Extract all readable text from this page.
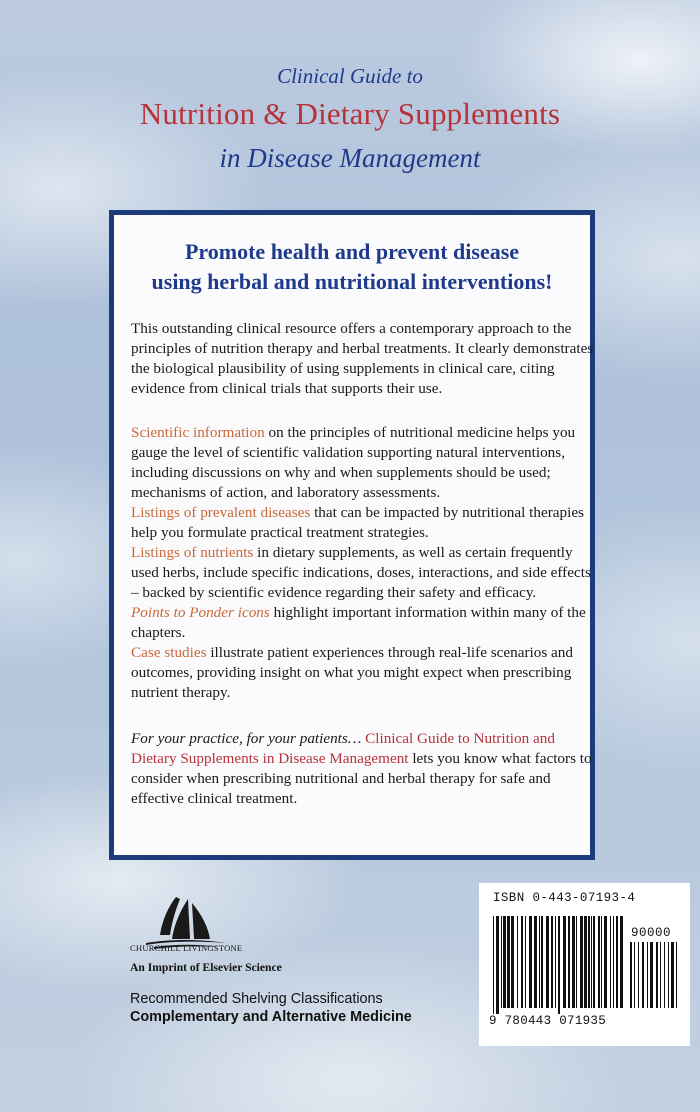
Clinical Guide to
Nutrition & Dietary Supplements
in Disease Management
Promote health and prevent disease
using herbal and nutritional interventions!
This outstanding clinical resource offers a contemporary approach to the principles of nutrition therapy and herbal treatments. It clearly demonstrates the biological plausibility of using supplements in clinical care, citing evidence from clinical trials that supports their use.
Scientific information on the principles of nutritional medicine helps you gauge the level of scientific validation supporting natural interventions, including discussions on why and when supplements should be used; mechanisms of action, and laboratory assessments.
Listings of prevalent diseases that can be impacted by nutritional therapies help you formulate practical treatment strategies.
Listings of nutrients in dietary supplements, as well as certain frequently used herbs, include specific indications, doses, interactions, and side effects – backed by scientific evidence regarding their safety and efficacy.
Points to Ponder icons highlight important information within many of the chapters.
Case studies illustrate patient experiences through real-life scenarios and outcomes, providing insight on what you might expect when prescribing nutrient therapy.
For your practice, for your patients… Clinical Guide to Nutrition and Dietary Supplements in Disease Management lets you know what factors to consider when prescribing nutritional and herbal therapy for safe and effective clinical treatment.
CHURCHILL LIVINGSTONE
An Imprint of Elsevier Science
Recommended Shelving Classifications
Complementary and Alternative Medicine
ISBN 0-443-07193-4
90000
9 780443 071935
